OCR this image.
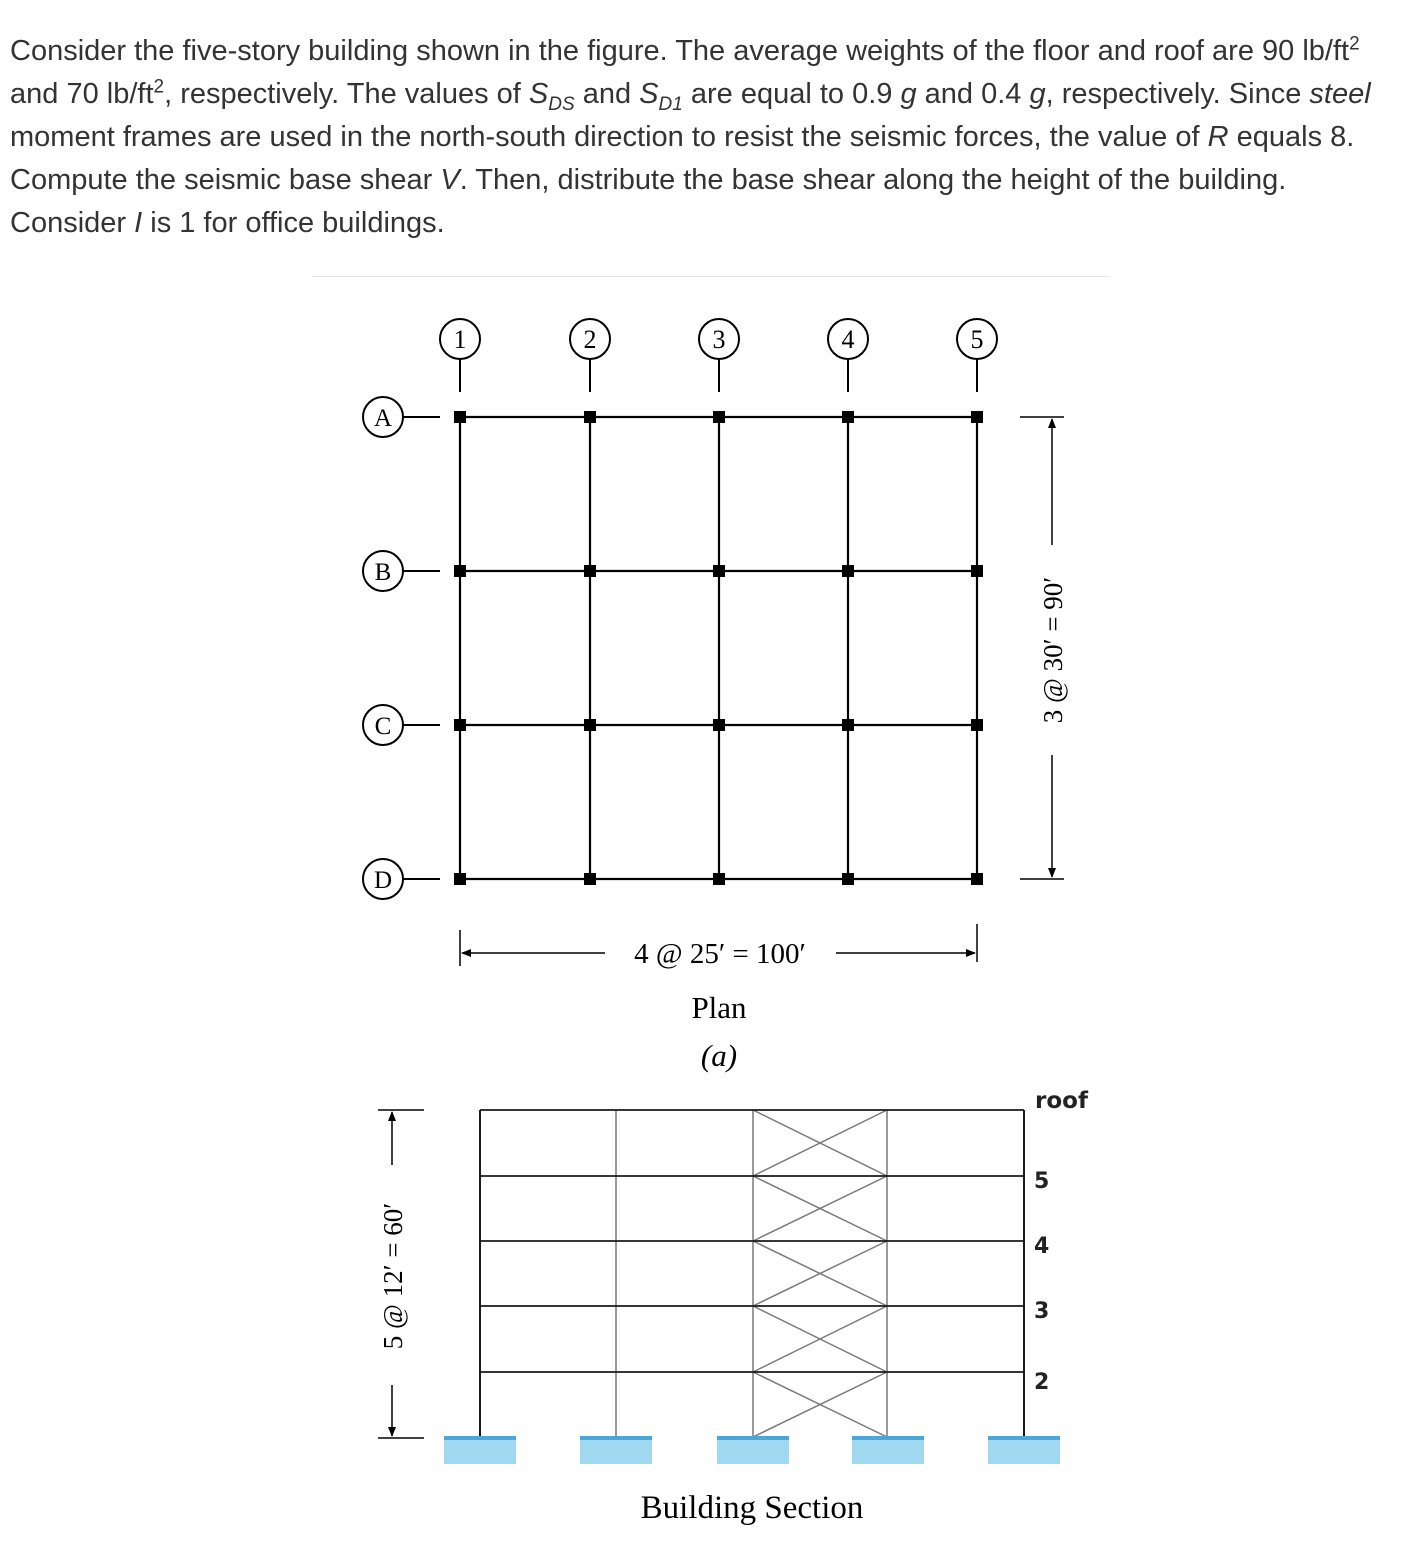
Consider the five-story building shown in the figure. The average weights of the floor and roof are 90 $lb/ft^2$ and 70 $lb/ft^2$, respectively. The values of $S_{DS}$ and $S_{D1}$ are equal to 0.9 g and 0.4 g, respectively. Since steel moment frames are used in the north-south direction to resist the seismic forces, the value of R equals 8. Compute the seismic base shear V. Then, distribute the base shear along the height of the building. Consider I is 1 for office buildings.

1	2	3	4	5
A
B
C
D
4 @ 25′ = 100′
3 @ 30′ = 90′
Plan
(a)
roof
5
4
3
2
5 @ 12′ = 60′
Building Section
